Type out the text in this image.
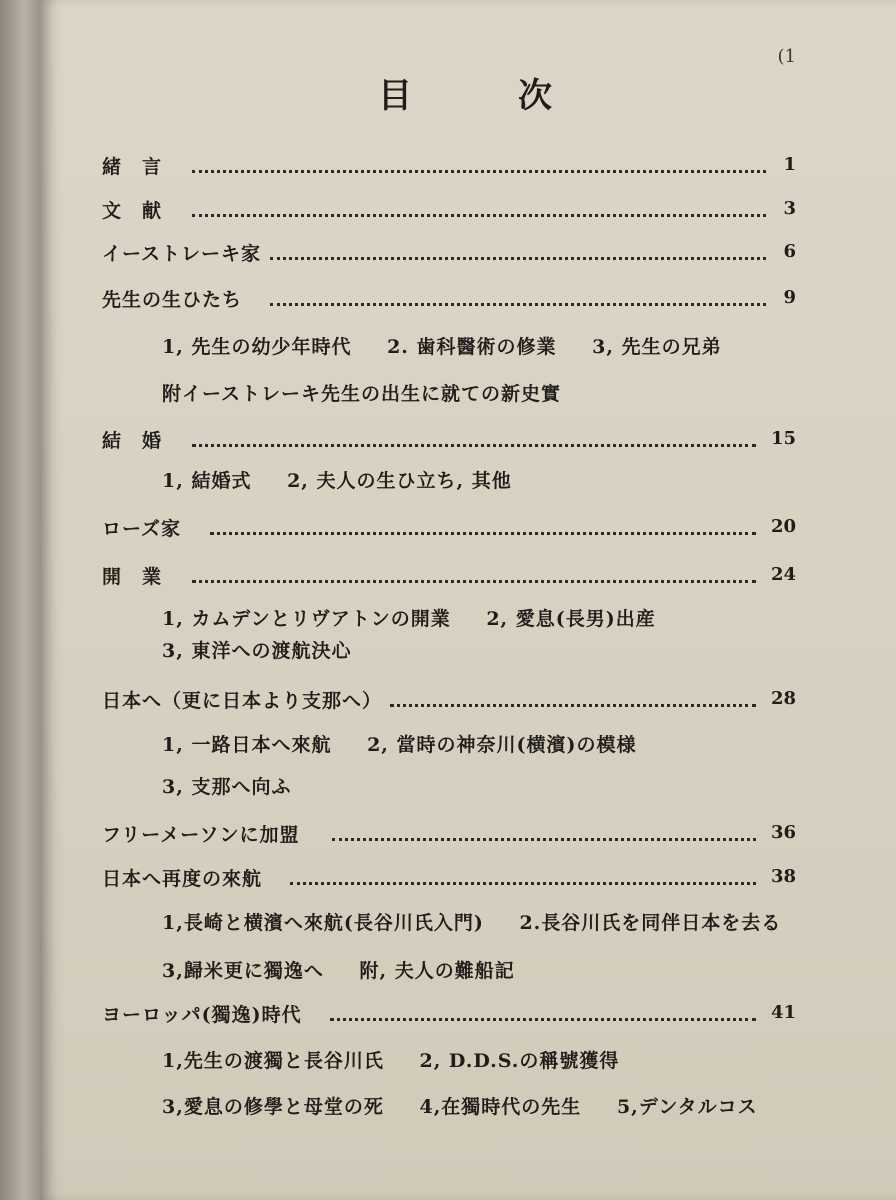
(1
目	次
緒　言	1
文　献	3
イーストレーキ家	6
先生の生ひたち	9
1, 先生の幼少年時代 2. 歯科醫術の修業 3, 先生の兄弟
附イーストレーキ先生の出生に就ての新史實
結　婚	15
1, 結婚式 2, 夫人の生ひ立ち, 其他
ローズ家	20
開　業	24
1, カムデンとリヴアトンの開業 2, 愛息(長男)出産
3, 東洋への渡航決心
日本へ（更に日本より支那へ）	28
1, 一路日本へ來航 2, 當時の神奈川(横濱)の模様
3, 支那へ向ふ
フリーメーソンに加盟	36
日本へ再度の來航	38
1,長崎と横濱へ來航(長谷川氏入門) 2.長谷川氏を同伴日本を去る
3,歸米更に獨逸へ 附, 夫人の難船記
ヨーロッパ(獨逸)時代	41
1,先生の渡獨と長谷川氏 2, D.D.S.の稱號獲得
3,愛息の修學と母堂の死 4,在獨時代の先生 5,デンタルコス
